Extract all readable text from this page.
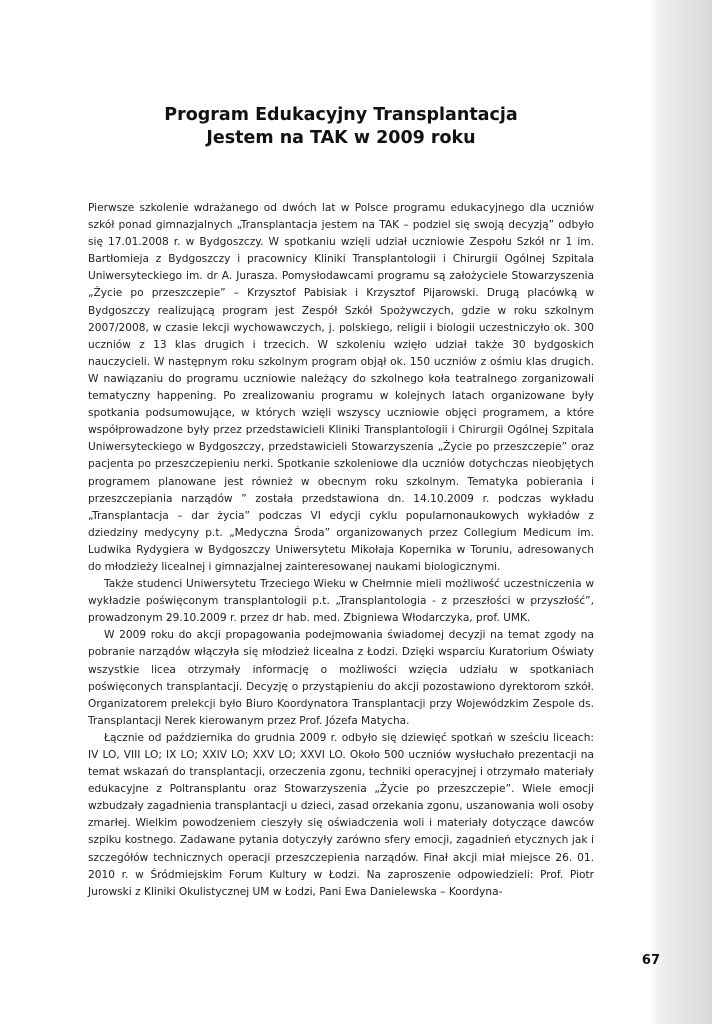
Program Edukacyjny Transplantacja
Jestem na TAK w 2009 roku

Pierwsze szkolenie wdrażanego od dwóch lat w Polsce programu edukacyjnego dla uczniów szkół ponad gimnazjalnych „Transplantacja jestem na TAK – podziel się swoją decyzją” odbyło się 17.01.2008 r. w Bydgoszczy. W spotkaniu wzięli udział uczniowie Zespołu Szkół nr 1 im. Bartłomieja z Bydgoszczy i pracownicy Kliniki Transplantologii i Chirurgii Ogólnej Szpitala Uniwersyteckiego im. dr A. Jurasza. Pomysłodawcami programu są założyciele Stowarzyszenia „Życie po przeszczepie” – Krzysztof Pabisiak i Krzysztof Pijarowski. Drugą placówką w Bydgoszczy realizującą program jest Zespół Szkół Spożywczych, gdzie w roku szkolnym 2007/2008, w czasie lekcji wychowawczych, j. polskiego, religii i biologii uczestniczyło ok. 300 uczniów z 13 klas drugich i trzecich. W szkoleniu wzięło udział także 30 bydgoskich nauczycieli. W następnym roku szkolnym program objął ok. 150 uczniów z ośmiu klas drugich. W nawiązaniu do programu uczniowie należący do szkolnego koła teatralnego zorganizowali tematyczny happening. Po zrealizowaniu programu w kolejnych latach organizowane były spotkania podsumowujące, w których wzięli wszyscy uczniowie objęci programem, a które współprowadzone były przez przedstawicieli Kliniki Transplantologii i Chirurgii Ogólnej Szpitala Uniwersyteckiego w Bydgoszczy, przedstawicieli Stowarzyszenia „Życie po przeszczepie” oraz pacjenta po przeszczepieniu nerki. Spotkanie szkoleniowe dla uczniów dotychczas nieobjętych programem planowane jest również w obecnym roku szkolnym. Tematyka pobierania i przeszczepiania narządów ” została przedstawiona dn. 14.10.2009 r. podczas wykładu „Transplantacja – dar życia” podczas VI edycji cyklu popularnonaukowych wykładów z dziedziny medycyny p.t. „Medyczna Środa” organizowanych przez Collegium Medicum im. Ludwika Rydygiera w Bydgoszczy Uniwersytetu Mikołaja Kopernika w Toruniu, adresowanych do młodzieży licealnej i gimnazjalnej zainteresowanej naukami biologicznymi.

Także studenci Uniwersytetu Trzeciego Wieku w Chełmnie mieli możliwość uczestniczenia w wykładzie poświęconym transplantologii p.t. „Transplantologia - z przeszłości w przyszłość”, prowadzonym 29.10.2009 r. przez dr hab. med. Zbigniewa Włodarczyka, prof. UMK.

W 2009 roku do akcji propagowania podejmowania świadomej decyzji na temat zgody na pobranie narządów włączyła się młodzież licealna z Łodzi. Dzięki wsparciu Kuratorium Oświaty wszystkie licea otrzymały informację o możliwości wzięcia udziału w spotkaniach poświęconych transplantacji. Decyzję o przystąpieniu do akcji pozostawiono dyrektorom szkół. Organizatorem prelekcji było Biuro Koordynatora Transplantacji przy Wojewódzkim Zespole ds. Transplantacji Nerek kierowanym przez Prof. Józefa Matycha.

Łącznie od października do grudnia 2009 r. odbyło się dziewięć spotkań w sześciu liceach: IV LO, VIII LO; IX LO; XXIV LO; XXV LO; XXVI LO. Około 500 uczniów wysłuchało prezentacji na temat wskazań do transplantacji, orzeczenia zgonu, techniki operacyjnej i otrzymało materiały edukacyjne z Poltransplantu oraz Stowarzyszenia „Życie po przeszczepie”. Wiele emocji wzbudzały zagadnienia transplantacji u dzieci, zasad orzekania zgonu, uszanowania woli osoby zmarłej. Wielkim powodzeniem cieszyły się oświadczenia woli i materiały dotyczące dawców szpiku kostnego. Zadawane pytania dotyczyły zarówno sfery emocji, zagadnień etycznych jak i szczegółów technicznych operacji przeszczepienia narządów. Finał akcji miał miejsce 26. 01. 2010 r. w Śródmiejskim Forum Kultury w Łodzi. Na zaproszenie odpowiedzieli: Prof. Piotr Jurowski z Kliniki Okulistycznej UM w Łodzi, Pani Ewa Danielewska – Koordyna-

67
